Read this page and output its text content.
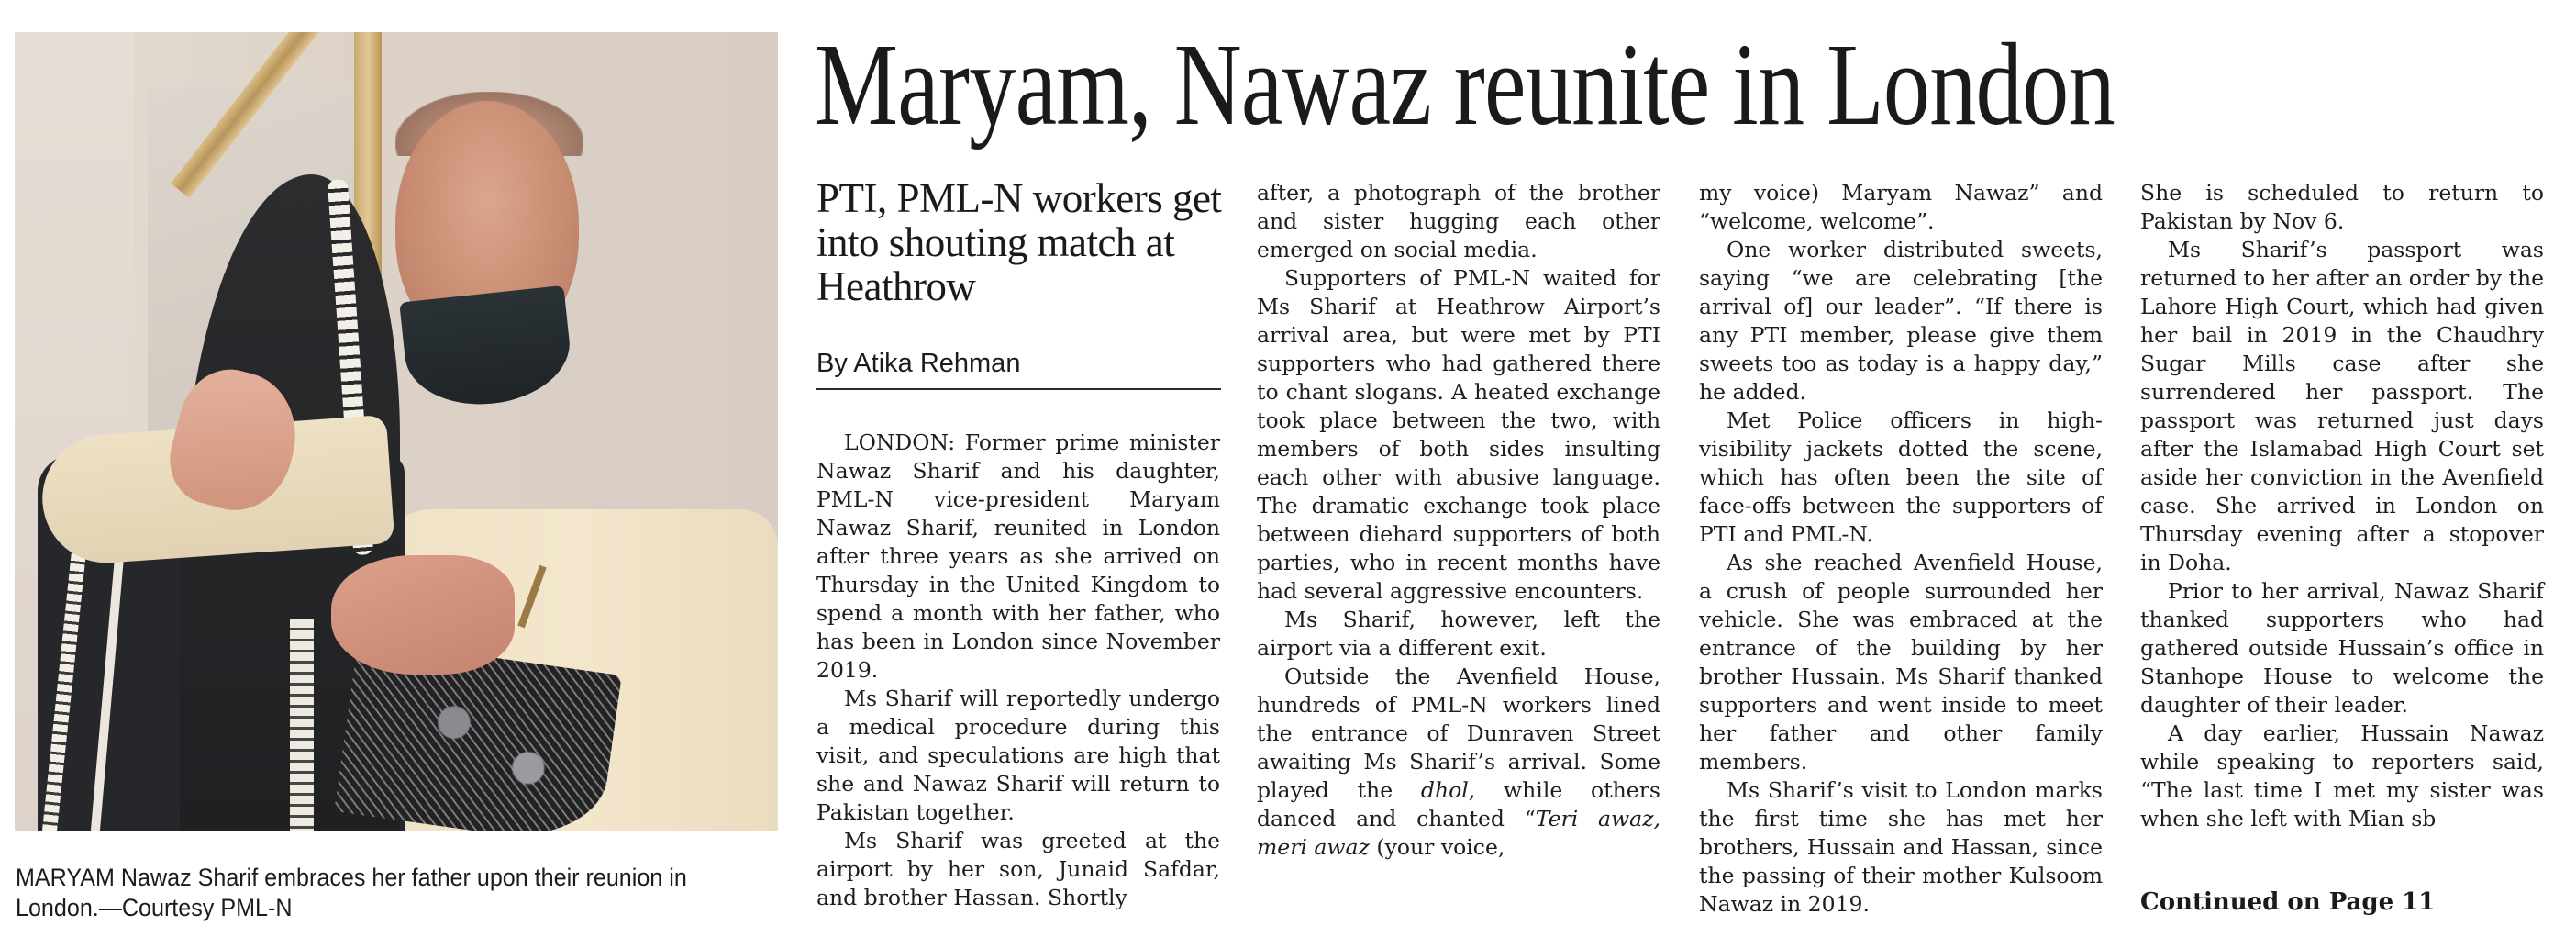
MARYAM Nawaz Sharif embraces her father upon their reunion in London.—Courtesy PML-N
Maryam, Nawaz reunite in London
PTI, PML-N workers get into shouting match at Heathrow
By Atika Rehman

LONDON: Former prime minister Nawaz Sharif and his daughter, PML-N vice-president Maryam Nawaz Sharif, reunited in London after three years as she arrived on Thursday in the United Kingdom to spend a month with her father, who has been in London since November 2019.

Ms Sharif will reportedly undergo a medical procedure during this visit, and speculations are high that she and Nawaz Sharif will return to Pakistan together.

Ms Sharif was greeted at the airport by her son, Junaid Safdar, and brother Hassan. Shortly

after, a photograph of the brother and sister hugging each other emerged on social media.

Supporters of PML-N waited for Ms Sharif at Heathrow Airport’s arrival area, but were met by PTI supporters who had gathered there to chant slogans. A heated exchange took place between the two, with members of both sides insulting each other with abusive language. The dramatic exchange took place between diehard supporters of both parties, who in recent months have had several aggressive encounters.

Ms Sharif, however, left the airport via a different exit.

Outside the Avenfield House, hundreds of PML-N workers lined the entrance of Dunraven Street awaiting Ms Sharif’s arrival. Some played the dhol, while others danced and chanted “Teri awaz, meri awaz (your voice,

my voice) Maryam Nawaz” and “welcome, welcome”.

One worker distributed sweets, saying “we are celebrating [the arrival of] our leader”. “If there is any PTI member, please give them sweets too as today is a happy day,” he added.

Met Police officers in high-visibility jackets dotted the scene, which has often been the site of face-offs between the supporters of PTI and PML-N.

As she reached Avenfield House, a crush of people surrounded her vehicle. She was embraced at the entrance of the building by her brother Hussain. Ms Sharif thanked supporters and went inside to meet her father and other family members.

Ms Sharif’s visit to London marks the first time she has met her brothers, Hussain and Hassan, since the passing of their mother Kulsoom Nawaz in 2019.

She is scheduled to return to Pakistan by Nov 6.

Ms Sharif’s passport was returned to her after an order by the Lahore High Court, which had given her bail in 2019 in the Chaudhry Sugar Mills case after she surrendered her passport. The passport was returned just days after the Islamabad High Court set aside her conviction in the Avenfield case. She arrived in London on Thursday evening after a stopover in Doha.

Prior to her arrival, Nawaz Sharif thanked supporters who had gathered outside Hussain’s office in Stanhope House to welcome the daughter of their leader.

A day earlier, Hussain Nawaz while speaking to reporters said, “The last time I met my sister was when she left with Mian sb

Continued on Page 11
